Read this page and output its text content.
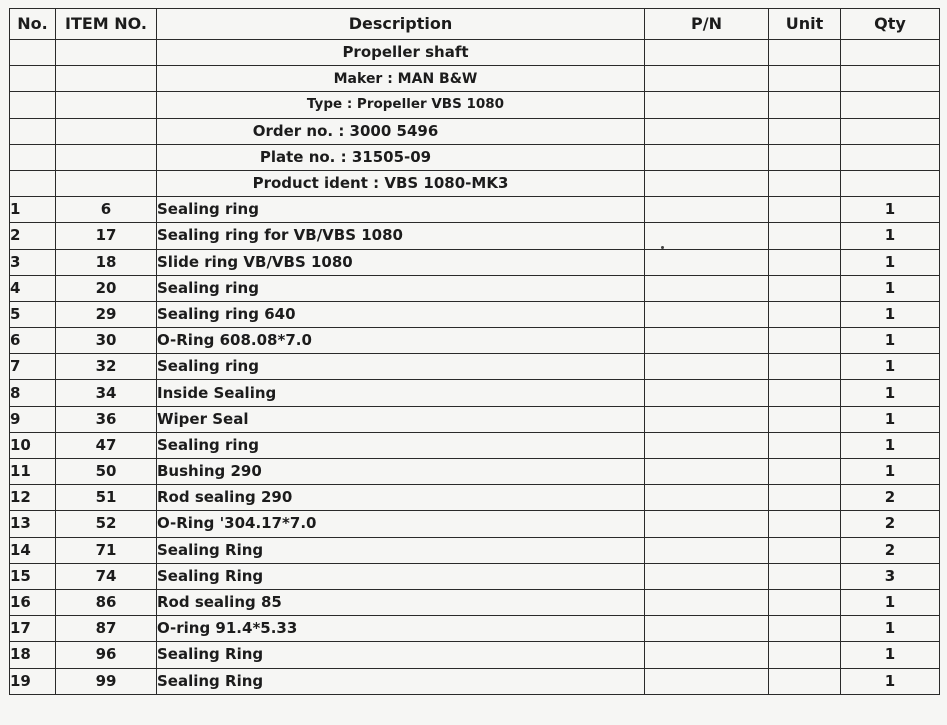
No.	ITEM NO.	Description	P/N	Unit	Qty
		Propeller shaft			
		Maker : MAN B&W			
		Type : Propeller VBS 1080			
		Order no. : 3000 5496			
		Plate no. : 31505-09			
		Product ident : VBS 1080-MK3			
1	6	Sealing ring			1
2	17	Sealing ring for VB/VBS 1080			1
3	18	Slide ring VB/VBS 1080			1
4	20	Sealing ring			1
5	29	Sealing ring 640			1
6	30	O-Ring 608.08*7.0			1
7	32	Sealing ring			1
8	34	Inside Sealing			1
9	36	Wiper Seal			1
10	47	Sealing ring			1
11	50	Bushing 290			1
12	51	Rod sealing 290			2
13	52	O-Ring '304.17*7.0			2
14	71	Sealing Ring			2
15	74	Sealing Ring			3
16	86	Rod sealing 85			1
17	87	O-ring 91.4*5.33			1
18	96	Sealing Ring			1
19	99	Sealing Ring			1
